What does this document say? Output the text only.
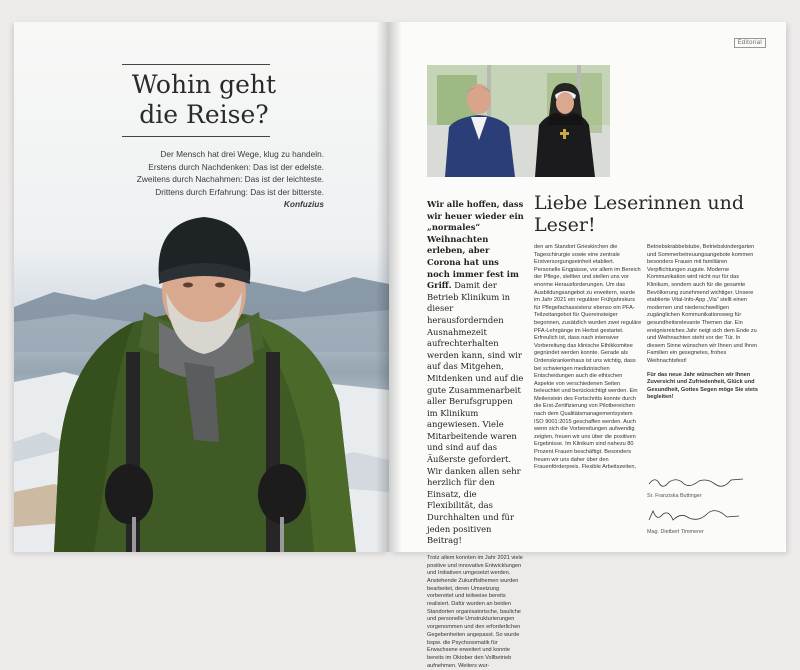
Wohin geht
die Reise?
Der Mensch hat drei Wege, klug zu handeln.
Erstens durch Nachdenken: Das ist der edelste.
Zweitens durch Nachahmen: Das ist der leichteste.
Drittens durch Erfahrung: Das ist der bitterste.
Konfuzius
Editorial
Wir alle hoffen, dass wir heuer wieder ein „normales“ Weihnachten erleben, aber Corona hat uns noch immer fest im Griff. Damit der Betrieb Klinikum in dieser herausfordernden Ausnahmezeit aufrechterhalten werden kann, sind wir auf das Mitgehen, Mitdenken und auf die gute Zusammenarbeit aller Berufsgruppen im Klinikum angewiesen. Viele Mitarbeitende waren und sind auf das Äußerste gefordert. Wir danken allen sehr herzlich für den Einsatz, die Flexibilität, das Durchhalten und für jeden positiven Beitrag!
Trotz allem konnten im Jahr 2021 viele positive und innovative Entwicklungen und Initiativen umgesetzt werden. Anstehende Zukunftsthemen wurden bearbeitet, deren Umsetzung vorbereitet und teilweise bereits realisiert. Dafür wurden an beiden Standorten organisatorische, bauliche und personelle Umstrukturierungen vorgenommen und den erforderlichen Gegebenheiten angepasst. So wurde bspw. die Psychosomatik für Erwachsene erweitert und konnte bereits im Oktober den Vollbetrieb aufnehmen. Weiters wur-
Liebe Leserinnen und Leser!
den am Standort Grieskirchen die Tageschirurgie sowie eine zentrale Erstversorgungseinheit etabliert. Personelle Engpässe, vor allem im Bereich der Pflege, stellten und stellen uns vor enorme Herausforderungen. Um das Ausbildungsangebot zu erweitern, wurde im Jahr 2021 ein regulärer Frühjahrskurs für Pflegefachassistenz ebenso ein PFA-Teilzeitangebot für Quereinsteiger begonnen, zusätzlich wurden zwei reguläre PFA-Lehrgänge im Herbst gestartet. Erfreulich ist, dass nach intensiver Vorbereitung das klinische Ethikkomitee gegründet werden konnte. Gerade als Ordenskrankenhaus ist uns wichtig, dass bei schwierigen medizinischen Entscheidungen auch die ethischen Aspekte von verschiedenen Seiten beleuchtet und berücksichtigt werden. Ein Meilenstein des Fortschritts konnte durch die Erst-Zertifizierung von Pilotbereichen nach dem Qualitätsmanagementsystem ISO 9001:2015 geschaffen werden. Auch wenn sich die Vorbereitungen aufwendig zeigten, freuen wir uns über die positiven Ergebnisse. Im Klinikum sind nahezu 80 Prozent Frauen beschäftigt. Besonders freuen wir uns daher über den Frauenförderpreis. Flexible Arbeitszeiten,
Betriebskrabbelstube, Betriebskindergarten und Sommerbetreuungsangebote kommen besonders Frauen mit familiären Verpflichtungen zugute. Moderne Kommunikation wird nicht nur für das Klinikum, sondern auch für die gesamte Bevölkerung zunehmend wichtiger. Unsere etablierte Vital-Info-App „Via“ stellt einen modernen und niederschwelligen zugänglichen Kommunikationsweg für gesundheitsrelevante Themen dar. Ein ereignisreiches Jahr neigt sich dem Ende zu und Weihnachten steht vor der Tür. In diesem Sinne wünschen wir Ihnen und Ihren Familien ein gesegnetes, frohes Weihnachtsfest!
Für das neue Jahr wünschen wir Ihnen Zuversicht und Zufriedenheit, Glück und Gesundheit, Gottes Segen möge Sie stets begleiten!
Sr. Franziska Buttinger
Mag. Dietbert Timmerer
